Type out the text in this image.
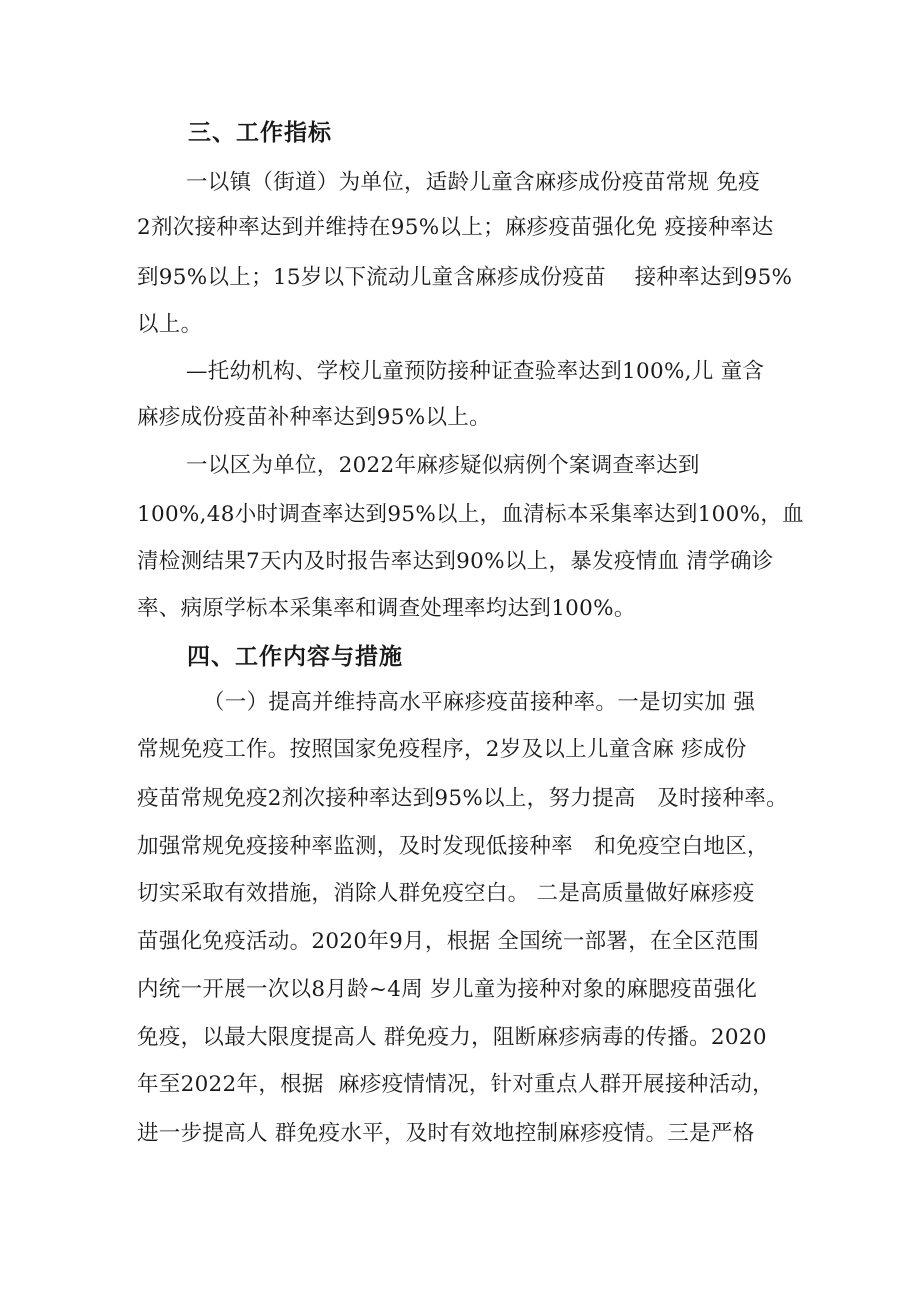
三、工作指标
一以镇（街道）为单位，适龄儿童含麻疹成份疫苗常规 免疫
2剂次接种率达到并维持在95%以上；麻疹疫苗强化免 疫接种率达
到95%以上；15岁以下流动儿童含麻疹成份疫苗    接种率达到95%
以上。
—托幼机构、学校儿童预防接种证查验率达到100%,儿 童含
麻疹成份疫苗补种率达到95%以上。
一以区为单位，2022年麻疹疑似病例个案调查率达到
100%,48小时调查率达到95%以上，血清标本采集率达到100%，血
清检测结果7天内及时报告率达到90%以上，暴发疫情血 清学确诊
率、病原学标本采集率和调查处理率均达到100%。
四、工作内容与措施
（一）提高并维持高水平麻疹疫苗接种率。一是切实加 强
常规免疫工作。按照国家免疫程序，2岁及以上儿童含麻 疹成份
疫苗常规免疫2剂次接种率达到95%以上，努力提高   及时接种率。
加强常规免疫接种率监测，及时发现低接种率   和免疫空白地区，
切实采取有效措施，消除人群免疫空白。 二是高质量做好麻疹疫
苗强化免疫活动。2020年9月，根据 全国统一部署，在全区范围
内统一开展一次以8月龄~4周 岁儿童为接种对象的麻腮疫苗强化
免疫，以最大限度提高人 群免疫力，阻断麻疹病毒的传播。2020
年至2022年，根据  麻疹疫情情况，针对重点人群开展接种活动，
进一步提高人 群免疫水平，及时有效地控制麻疹疫情。三是严格
